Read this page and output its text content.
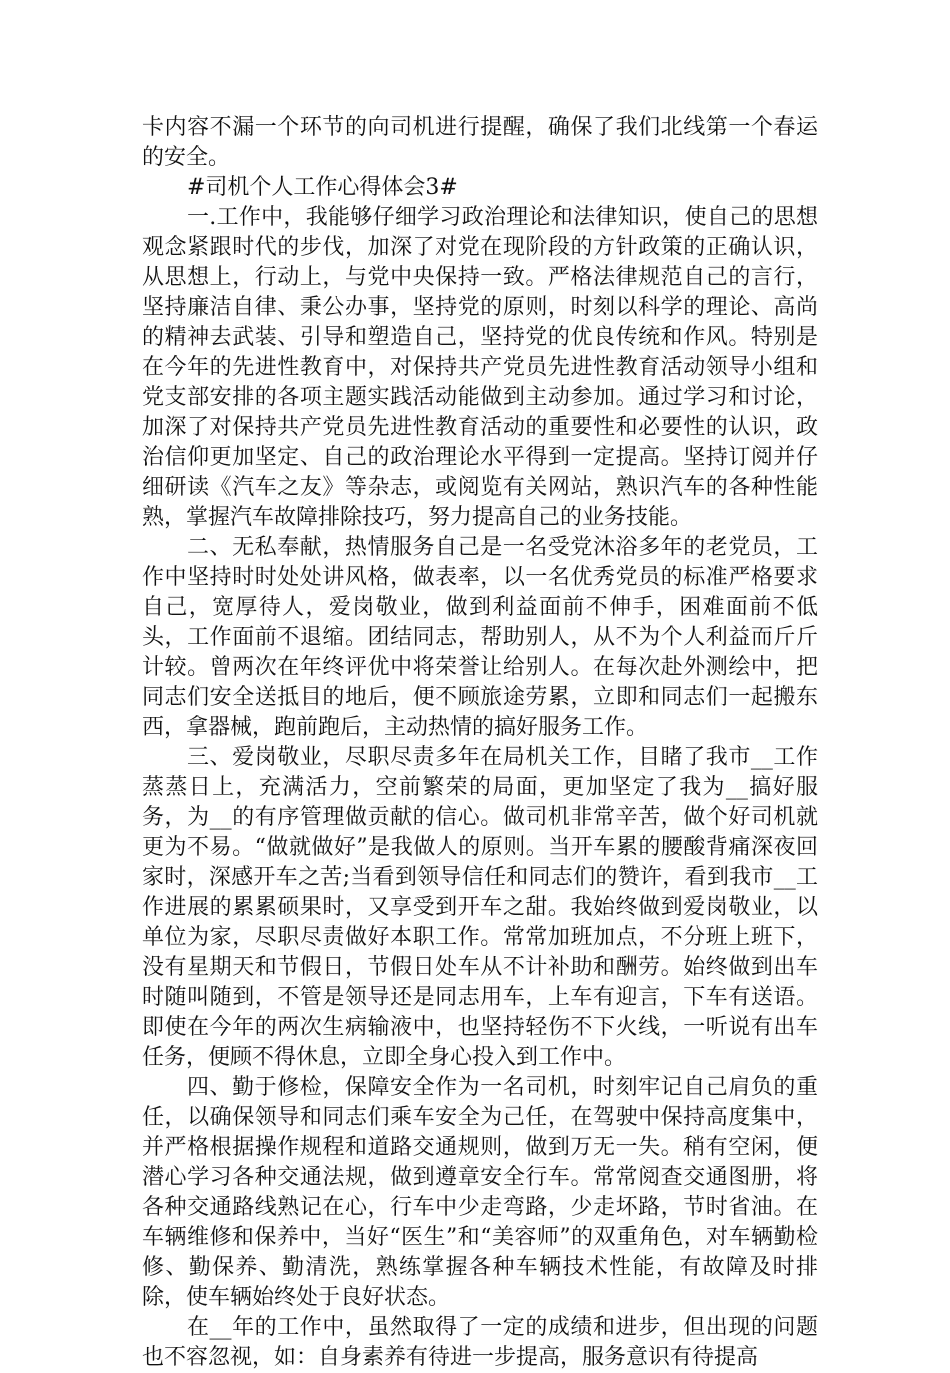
卡内容不漏一个环节的向司机进行提醒，确保了我们北线第一个春运的安全。

#司机个人工作心得体会3#

一.工作中，我能够仔细学习政治理论和法律知识，使自己的思想观念紧跟时代的步伐，加深了对党在现阶段的方针政策的正确认识，从思想上，行动上，与党中央保持一致。严格法律规范自己的言行，坚持廉洁自律、秉公办事，坚持党的原则，时刻以科学的理论、高尚的精神去武装、引导和塑造自己，坚持党的优良传统和作风。特别是在今年的先进性教育中，对保持共产党员先进性教育活动领导小组和党支部安排的各项主题实践活动能做到主动参加。通过学习和讨论，加深了对保持共产党员先进性教育活动的重要性和必要性的认识，政治信仰更加坚定、自己的政治理论水平得到一定提高。坚持订阅并仔细研读《汽车之友》等杂志，或阅览有关网站，熟识汽车的各种性能熟，掌握汽车故障排除技巧，努力提高自己的业务技能。

二、无私奉献，热情服务自己是一名受党沐浴多年的老党员，工作中坚持时时处处讲风格，做表率，以一名优秀党员的标准严格要求自己，宽厚待人，爱岗敬业，做到利益面前不伸手，困难面前不低头，工作面前不退缩。团结同志，帮助别人，从不为个人利益而斤斤计较。曾两次在年终评优中将荣誉让给别人。在每次赴外测绘中，把同志们安全送抵目的地后，便不顾旅途劳累，立即和同志们一起搬东西，拿器械，跑前跑后，主动热情的搞好服务工作。

三、爱岗敬业，尽职尽责多年在局机关工作，目睹了我市__工作蒸蒸日上，充满活力，空前繁荣的局面，更加坚定了我为__搞好服务，为__的有序管理做贡献的信心。做司机非常辛苦，做个好司机就更为不易。“做就做好”是我做人的原则。当开车累的腰酸背痛深夜回家时，深感开车之苦;当看到领导信任和同志们的赞许，看到我市__工作进展的累累硕果时，又享受到开车之甜。我始终做到爱岗敬业，以单位为家，尽职尽责做好本职工作。常常加班加点，不分班上班下，没有星期天和节假日，节假日处车从不计补助和酬劳。始终做到出车时随叫随到，不管是领导还是同志用车，上车有迎言，下车有送语。即使在今年的两次生病输液中，也坚持轻伤不下火线，一听说有出车任务，便顾不得休息，立即全身心投入到工作中。

四、勤于修检，保障安全作为一名司机，时刻牢记自己肩负的重任，以确保领导和同志们乘车安全为己任，在驾驶中保持高度集中，并严格根据操作规程和道路交通规则，做到万无一失。稍有空闲，便潜心学习各种交通法规，做到遵章安全行车。常常阅查交通图册，将各种交通路线熟记在心，行车中少走弯路，少走坏路，节时省油。在车辆维修和保养中，当好“医生”和“美容师”的双重角色，对车辆勤检修、勤保养、勤清洗，熟练掌握各种车辆技术性能，有故障及时排除，使车辆始终处于良好状态。

在__年的工作中，虽然取得了一定的成绩和进步，但出现的问题也不容忽视，如：自身素养有待进一步提高，服务意识有待提高
